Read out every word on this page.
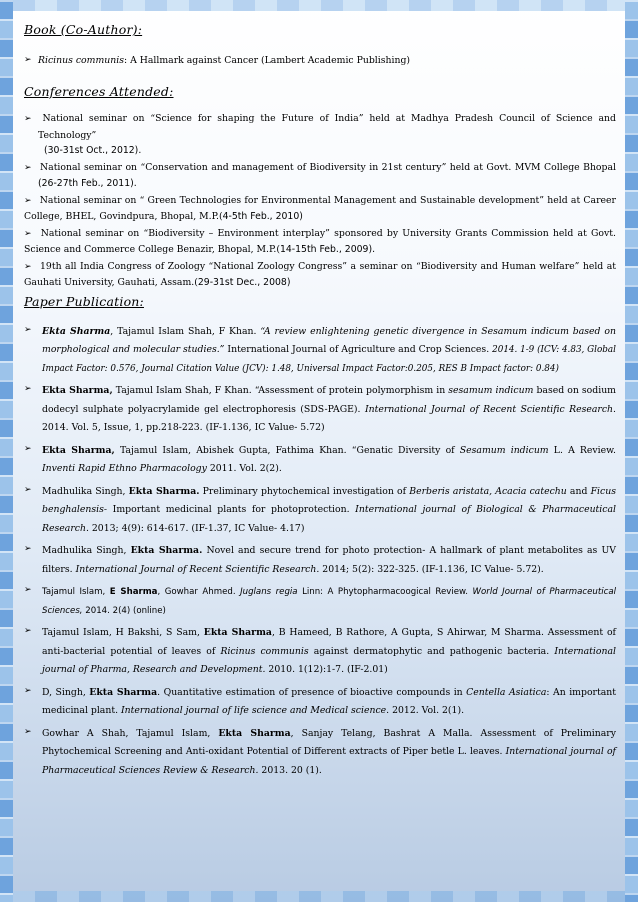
Book (Co-Author):
➢ Ricinus communis: A Hallmark against Cancer (Lambert Academic Publishing)
Conferences Attended:
➢ National seminar on “Science for shaping the Future of India” held at Madhya Pradesh Council of Science and Technology”
(30-31st Oct., 2012).
➢ National seminar on “Conservation and management of Biodiversity in 21st century” held at Govt. MVM College Bhopal (26-27th Feb., 2011).
➢ National seminar on “ Green Technologies for Environmental Management and Sustainable development” held at Career College, BHEL, Govindpura, Bhopal, M.P.(4-5th Feb., 2010)
➢ National seminar on “Biodiversity – Environment interplay” sponsored by University Grants Commission held at Govt. Science and Commerce College Benazir, Bhopal, M.P.(14-15th Feb., 2009).
➢ 19th all India Congress of Zoology “National Zoology Congress” a seminar on “Biodiversity and Human welfare” held at Gauhati University, Gauhati, Assam.(29-31st Dec., 2008)
Paper Publication:
➢	Ekta Sharma, Tajamul Islam Shah, F Khan. “A review enlightening genetic divergence in Sesamum indicum based on morphological and molecular studies.” International Journal of Agriculture and Crop Sciences. 2014. 1-9 (ICV: 4.83, Global Impact Factor: 0.576, Journal Citation Value (JCV): 1.48, Universal Impact Factor:0.205, RES B Impact factor: 0.84)
➢	Ekta Sharma, Tajamul Islam Shah, F Khan. “Assessment of protein polymorphism in sesamum indicum based on sodium dodecyl sulphate polyacrylamide gel electrophoresis (SDS-PAGE). International Journal of Recent Scientific Research. 2014. Vol. 5, Issue, 1, pp.218-223. (IF-1.136, IC Value- 5.72)
➢	Ekta Sharma, Tajamul Islam, Abishek Gupta, Fathima Khan. “Genatic Diversity of Sesamum indicum L. A Review. Inventi Rapid Ethno Pharmacology 2011. Vol. 2(2).
➢	Madhulika Singh, Ekta Sharma. Preliminary phytochemical investigation of Berberis aristata, Acacia catechu and Ficus benghalensis- Important medicinal plants for photoprotection. International journal of Biological & Pharmaceutical Research. 2013; 4(9): 614-617. (IF-1.37, IC Value- 4.17)
➢	Madhulika Singh, Ekta Sharma. Novel and secure trend for photo protection- A hallmark of plant metabolites as UV filters. International Journal of Recent Scientific Research. 2014; 5(2): 322-325. (IF-1.136, IC Value- 5.72).
➢	Tajamul Islam, E Sharma, Gowhar Ahmed. Juglans regia Linn: A Phytopharmacoogical Review. World Journal of Pharmaceutical Sciences, 2014. 2(4) (online)
➢	Tajamul Islam, H Bakshi, S Sam, Ekta Sharma, B Hameed, B Rathore, A Gupta, S Ahirwar, M Sharma. Assessment of anti-bacterial potential of leaves of Ricinus communis against dermatophytic and pathogenic bacteria. International journal of Pharma, Research and Development. 2010. 1(12):1-7. (IF-2.01)
➢	D, Singh, Ekta Sharma. Quantitative estimation of presence of bioactive compounds in Centella Asiatica: An important medicinal plant. International journal of life science and Medical science. 2012. Vol. 2(1).
➢	Gowhar A Shah, Tajamul Islam, Ekta Sharma, Sanjay Telang, Bashrat A Malla. Assessment of Preliminary Phytochemical Screening and Anti-oxidant Potential of Different extracts of Piper betle L. leaves. International journal of Pharmaceutical Sciences Review & Research. 2013. 20 (1).
